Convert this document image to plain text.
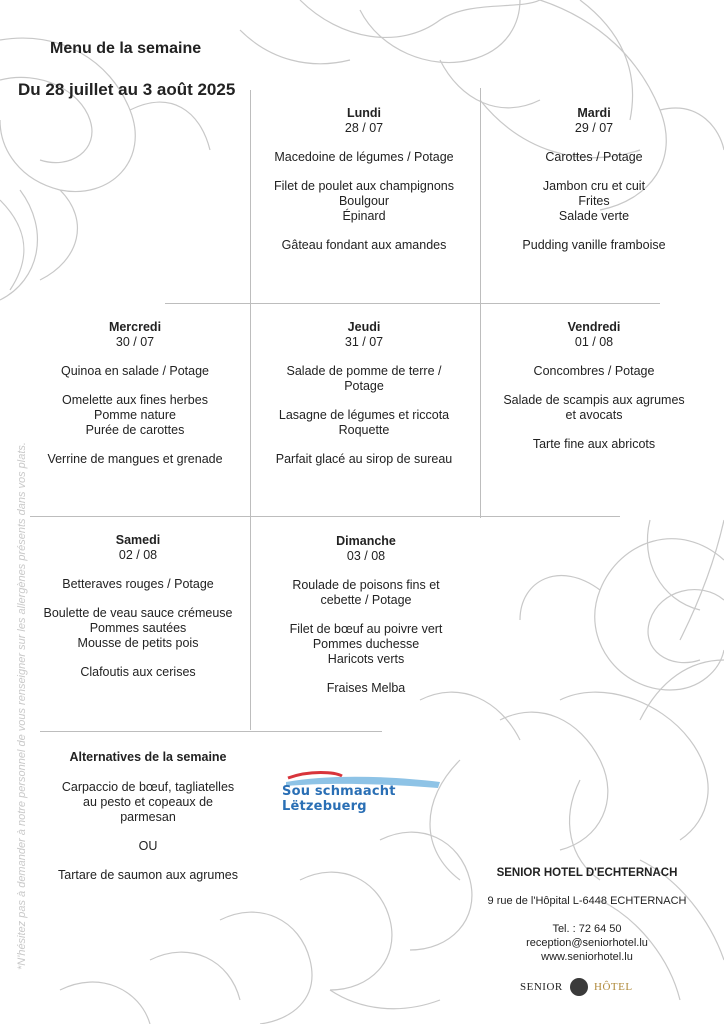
*N'hésitez pas à demander à notre personnel de vous renseigner sur les allergènes présents dans vos plats.
Menu de la semaine
Du 28 juillet au 3 août 2025
Lundi
28 / 07
Macedoine de légumes / Potage
Filet de poulet aux champignons
Boulgour
Épinard
Gâteau fondant aux amandes
Mardi
29 / 07
Carottes / Potage
Jambon cru et cuit
Frites
Salade verte
Pudding vanille framboise
Mercredi
30 / 07
Quinoa en salade / Potage
Omelette aux fines herbes
Pomme nature
Purée de carottes
Verrine de mangues et grenade
Jeudi
31 / 07
Salade de pomme de terre /
Potage
Lasagne de légumes et riccota
Roquette
Parfait glacé au sirop de sureau
Vendredi
01 / 08
Concombres / Potage
Salade de scampis aux agrumes
et avocats
Tarte fine aux abricots
Samedi
02 / 08
Betteraves rouges / Potage
Boulette de veau sauce crémeuse
Pommes sautées
Mousse de petits pois
Clafoutis aux cerises
Dimanche
03 / 08
Roulade de poisons fins et
cebette / Potage
Filet de bœuf au poivre vert
Pommes duchesse
Haricots verts
Fraises Melba
Alternatives de la semaine
Carpaccio de bœuf, tagliatelles
au pesto et copeaux de
parmesan
OU
Tartare de saumon aux agrumes
Sou schmaacht Lëtzebuerg
SENIOR HOTEL D'ECHTERNACH
9 rue de l'Hôpital L-6448 ECHTERNACH
Tel. : 72 64 50
reception@seniorhotel.lu
www.seniorhotel.lu
SENIOR	HÔTEL
